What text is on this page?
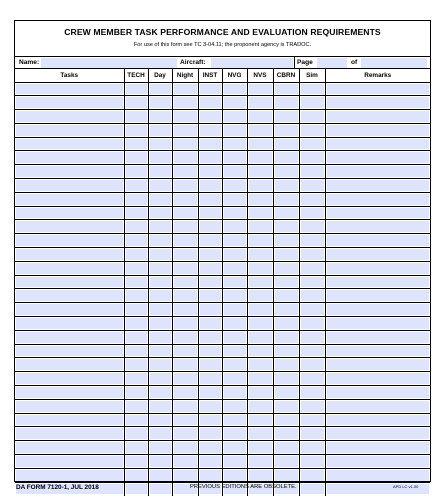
CREW MEMBER TASK PERFORMANCE AND EVALUATION REQUIREMENTS
For use of this form see TC 3-04.11; the proponent agency is TRADOC.
Name:	Aircraft:	Page	of
Tasks	TECH	Day	Night	INST	NVG	NVS	CBRN	Sim	Remarks

DA FORM 7120-1, JUL 2018	PREVIOUS EDITIONS ARE OBSOLETE.	APD LC v1.00
